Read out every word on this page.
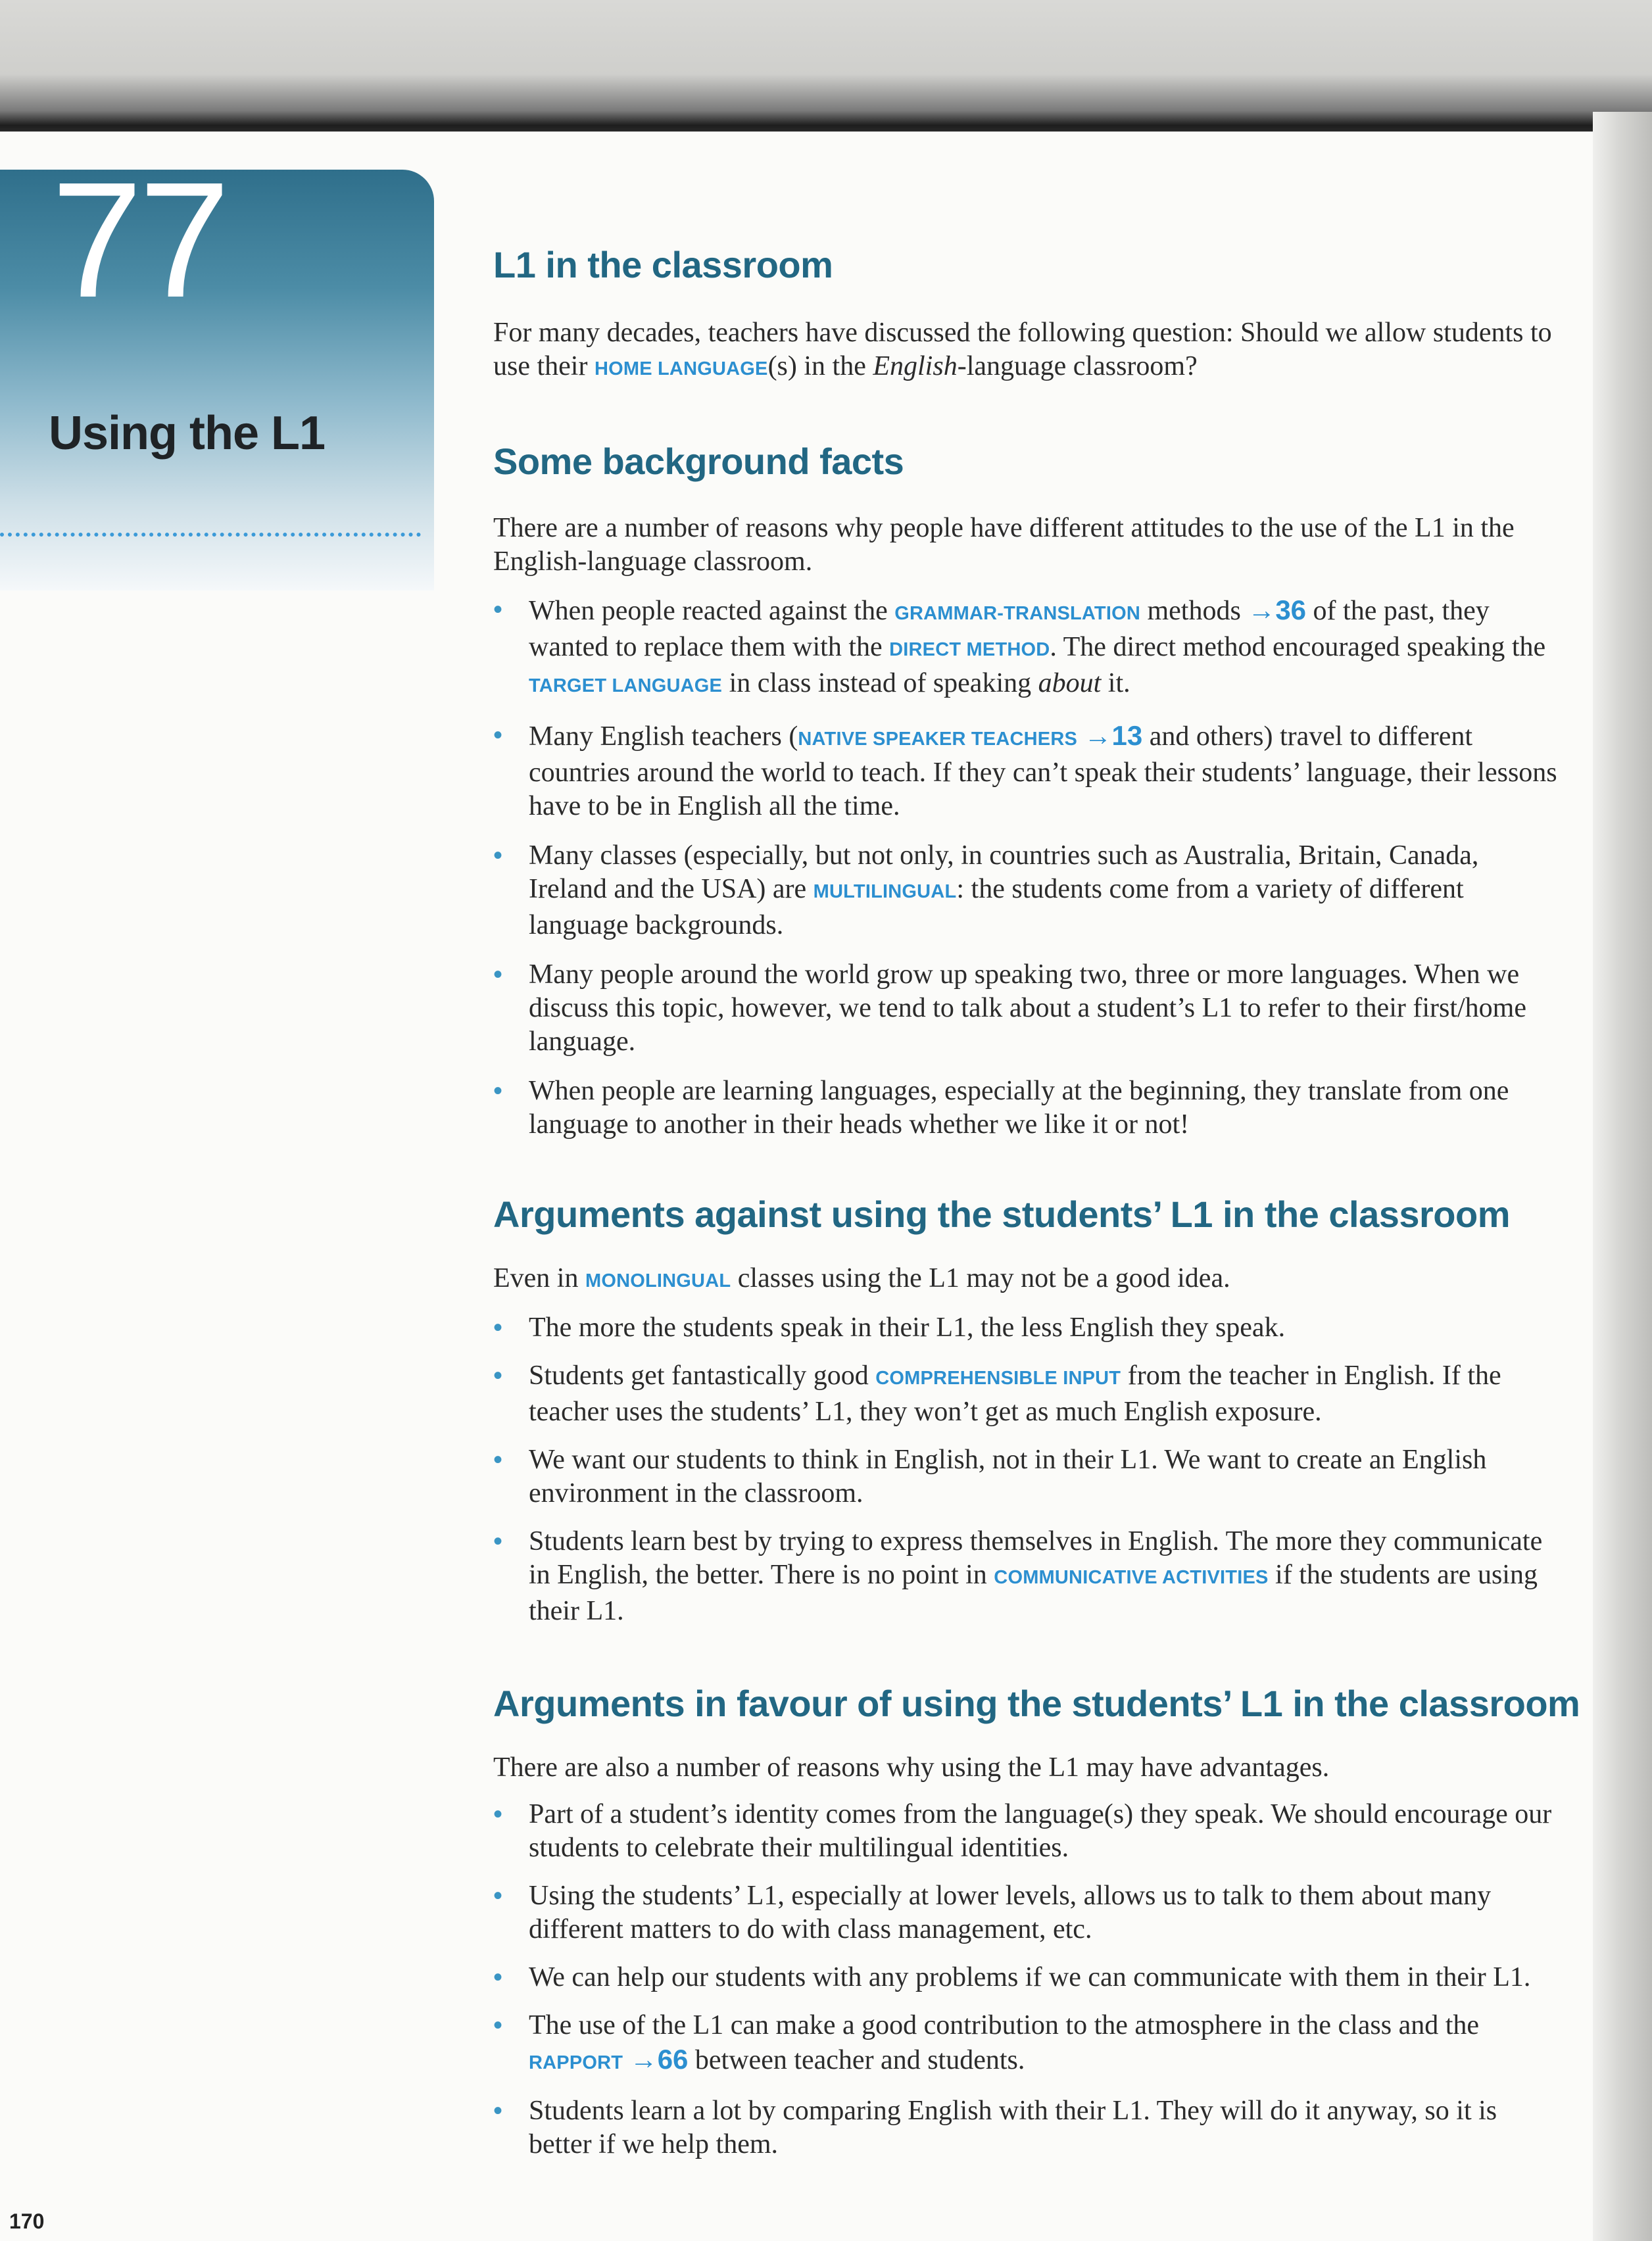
77
Using the L1
L1 in the classroom

For many decades, teachers have discussed the following question: Should we allow students to use their HOME LANGUAGE(s) in the English-language classroom?

Some background facts

There are a number of reasons why people have different attitudes to the use of the L1 in the English-language classroom.

• When people reacted against the GRAMMAR-TRANSLATION methods →36 of the past, they wanted to replace them with the DIRECT METHOD. The direct method encouraged speaking the TARGET LANGUAGE in class instead of speaking about it.
• Many English teachers (NATIVE SPEAKER TEACHERS →13 and others) travel to different countries around the world to teach. If they can’t speak their students’ language, their lessons have to be in English all the time.
• Many classes (especially, but not only, in countries such as Australia, Britain, Canada, Ireland and the USA) are MULTILINGUAL: the students come from a variety of different language backgrounds.
• Many people around the world grow up speaking two, three or more languages. When we discuss this topic, however, we tend to talk about a student’s L1 to refer to their first/home language.
• When people are learning languages, especially at the beginning, they translate from one language to another in their heads whether we like it or not!
Arguments against using the students’ L1 in the classroom

Even in MONOLINGUAL classes using the L1 may not be a good idea.

• The more the students speak in their L1, the less English they speak.
• Students get fantastically good COMPREHENSIBLE INPUT from the teacher in English. If the teacher uses the students’ L1, they won’t get as much English exposure.
• We want our students to think in English, not in their L1. We want to create an English environment in the classroom.
• Students learn best by trying to express themselves in English. The more they communicate in English, the better. There is no point in COMMUNICATIVE ACTIVITIES if the students are using their L1.
Arguments in favour of using the students’ L1 in the classroom

There are also a number of reasons why using the L1 may have advantages.

• Part of a student’s identity comes from the language(s) they speak. We should encourage our students to celebrate their multilingual identities.
• Using the students’ L1, especially at lower levels, allows us to talk to them about many different matters to do with class management, etc.
• We can help our students with any problems if we can communicate with them in their L1.
• The use of the L1 can make a good contribution to the atmosphere in the class and the RAPPORT →66 between teacher and students.
• Students learn a lot by comparing English with their L1. They will do it anyway, so it is better if we help them.
170
